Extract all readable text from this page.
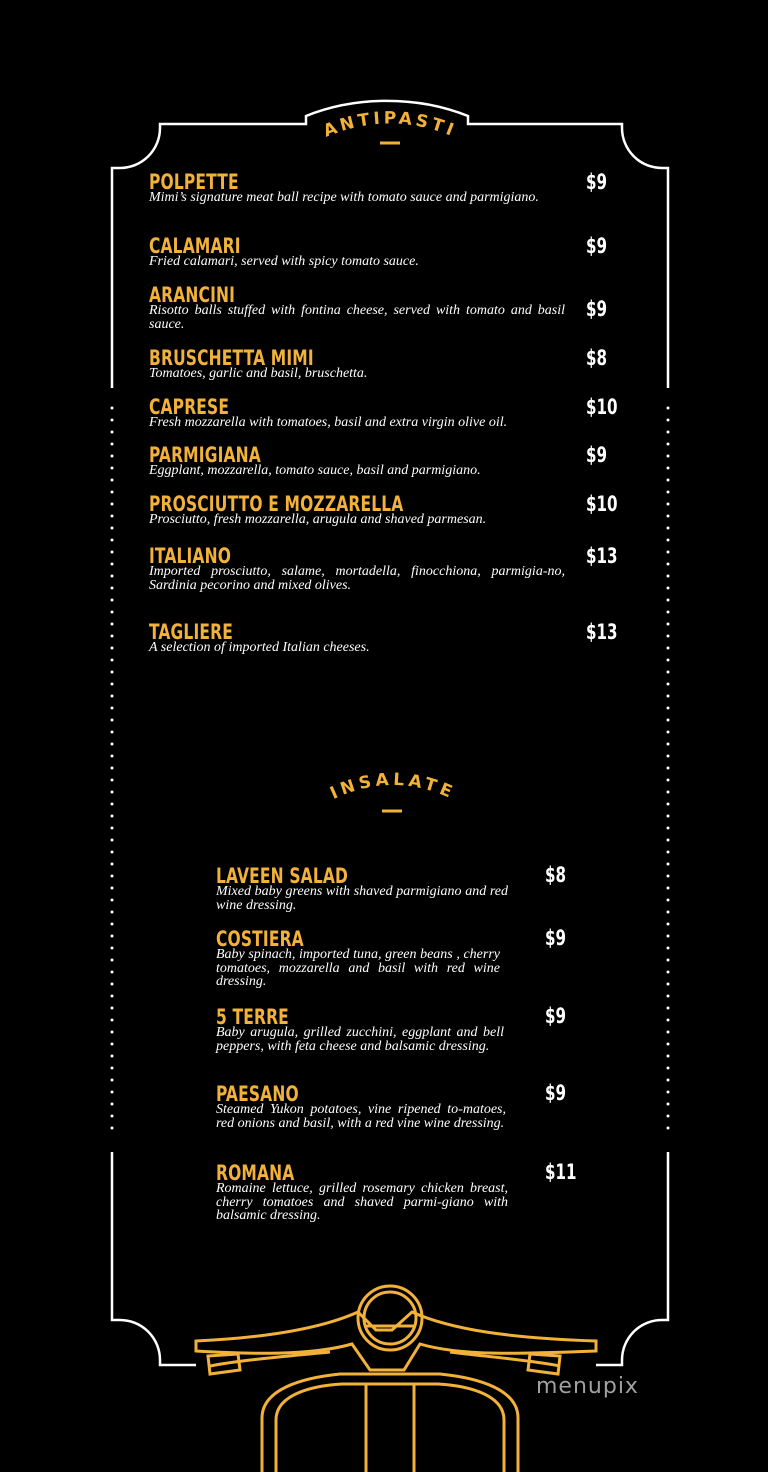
ANTIPASTI
INSALATE
POLPETTE
Mimi’s signature meat ball recipe with tomato sauce and parmigiano.
$9
CALAMARI
Fried calamari, served with spicy tomato sauce.
$9
ARANCINI
Risotto balls stuffed with fontina cheese, served with tomato and basil sauce.
$9
BRUSCHETTA MIMI
Tomatoes, garlic and basil, bruschetta.
$8
CAPRESE
Fresh mozzarella with tomatoes, basil and extra virgin olive oil.
$10
PARMIGIANA
Eggplant, mozzarella, tomato sauce, basil and parmigiano.
$9
PROSCIUTTO E MOZZARELLA
Prosciutto, fresh mozzarella, arugula and shaved parmesan.
$10
ITALIANO
Imported prosciutto, salame, mortadella, finocchiona, parmigia-no, Sardinia pecorino and mixed olives.
$13
TAGLIERE
A selection of imported Italian cheeses.
$13
LAVEEN SALAD
Mixed baby greens with shaved parmigiano and red wine dressing.
$8
COSTIERA
Baby spinach, imported tuna, green beans , cherry tomatoes, mozzarella and basil with red wine dressing.
$9
5 TERRE
Baby arugula, grilled zucchini, eggplant and bell peppers, with feta cheese and balsamic dressing.
$9
PAESANO
Steamed Yukon potatoes, vine ripened to-matoes, red onions and basil, with a red vine wine dressing.
$9
ROMANA
Romaine lettuce, grilled rosemary chicken breast, cherry tomatoes and shaved parmi-giano with balsamic dressing.
$11
menupix
